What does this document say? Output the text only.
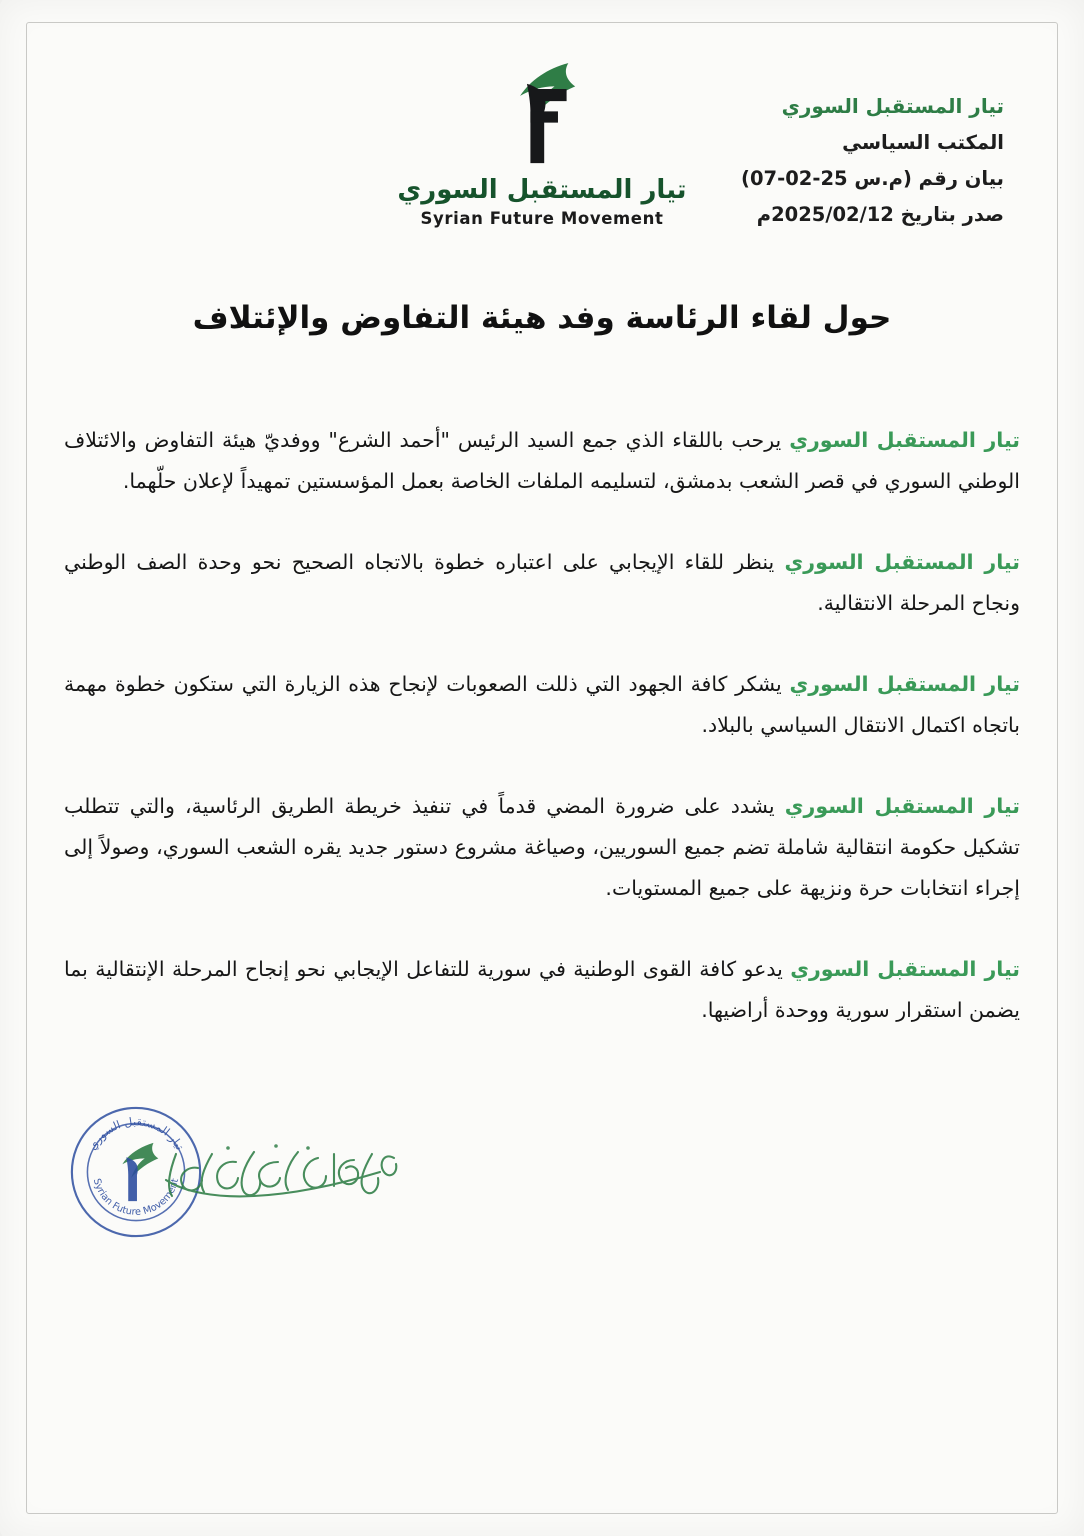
تيار المستقبل السوري
المكتب السياسي
بيان رقم (م.س 25-02-07)
صدر بتاريخ 2025/02/12م
تيار المستقبل السوري
Syrian Future Movement
حول لقاء الرئاسة وفد هيئة التفاوض والإئتلاف

تيار المستقبل السوري يرحب باللقاء الذي جمع السيد الرئيس "أحمد الشرع" ووفديّ هيئة التفاوض والائتلاف الوطني السوري في قصر الشعب بدمشق، لتسليمه الملفات الخاصة بعمل المؤسستين تمهيداً لإعلان حلّهما.

تيار المستقبل السوري ينظر للقاء الإيجابي على اعتباره خطوة بالاتجاه الصحيح نحو وحدة الصف الوطني ونجاح المرحلة الانتقالية.

تيار المستقبل السوري يشكر كافة الجهود التي ذللت الصعوبات لإنجاح هذه الزيارة التي ستكون خطوة مهمة باتجاه اكتمال الانتقال السياسي بالبلاد.

تيار المستقبل السوري يشدد على ضرورة المضي قدماً في تنفيذ خريطة الطريق الرئاسية، والتي تتطلب تشكيل حكومة انتقالية شاملة تضم جميع السوريين، وصياغة مشروع دستور جديد يقره الشعب السوري، وصولاً إلى إجراء انتخابات حرة ونزيهة على جميع المستويات.

تيار المستقبل السوري يدعو كافة القوى الوطنية في سورية للتفاعل الإيجابي نحو إنجاح المرحلة الإنتقالية بما يضمن استقرار سورية ووحدة أراضيها.

تيار المستقبل السوري
Syrian Future Movement
